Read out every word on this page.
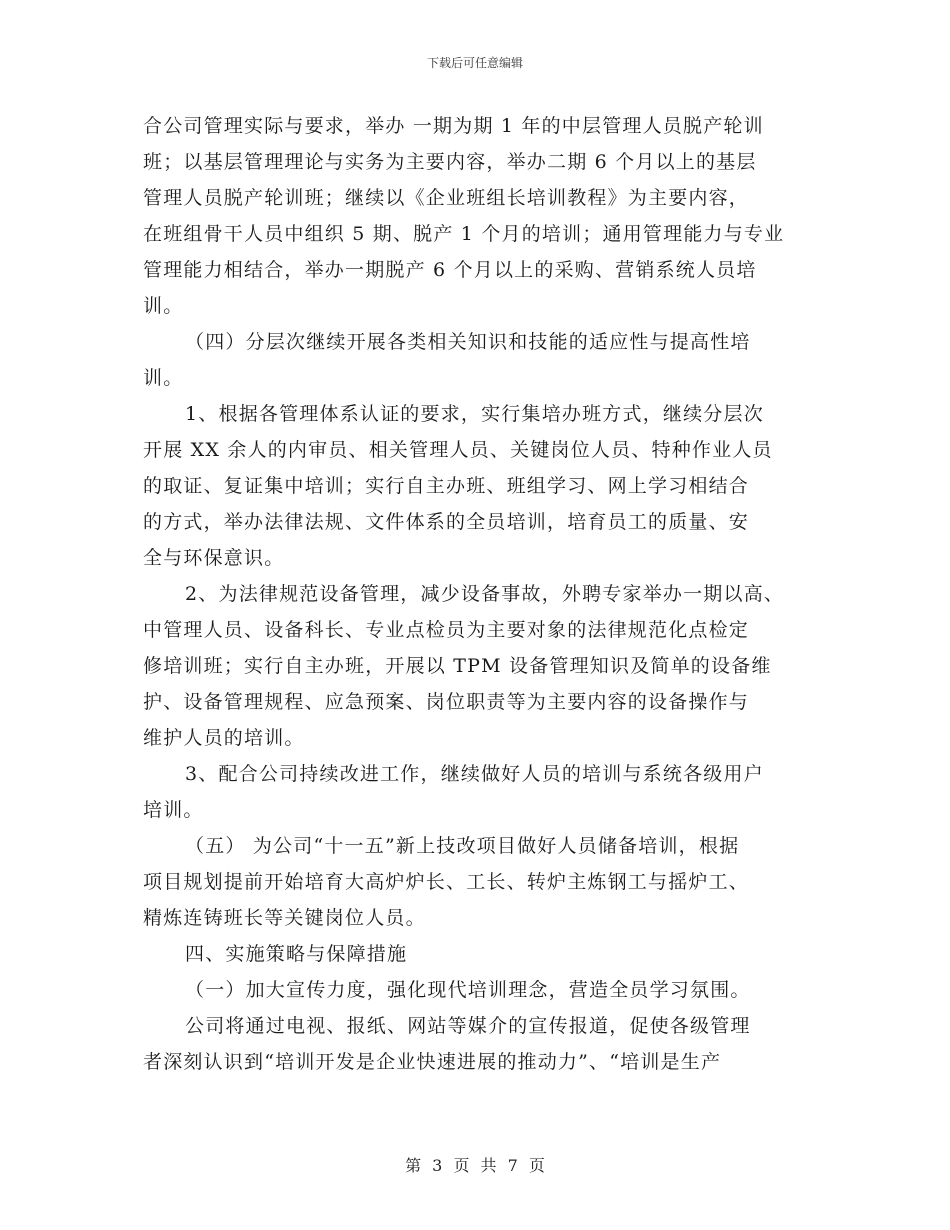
下载后可任意编辑
合公司管理实际与要求，举办 一期为期 1 年的中层管理人员脱产轮训
班；以基层管理理论与实务为主要内容，举办二期 6 个月以上的基层
管理人员脱产轮训班；继续以《企业班组长培训教程》为主要内容，
在班组骨干人员中组织 5 期、脱产 1 个月的培训；通用管理能力与专业
管理能力相结合，举办一期脱产 6 个月以上的采购、营销系统人员培
训。
（四）分层次继续开展各类相关知识和技能的适应性与提高性培
训。
1、根据各管理体系认证的要求，实行集培办班方式，继续分层次
开展 XX 余人的内审员、相关管理人员、关键岗位人员、特种作业人员
的取证、复证集中培训；实行自主办班、班组学习、网上学习相结合
的方式，举办法律法规、文件体系的全员培训，培育员工的质量、安
全与环保意识。
2、为法律规范设备管理，减少设备事故，外聘专家举办一期以高、
中管理人员、设备科长、专业点检员为主要对象的法律规范化点检定
修培训班；实行自主办班，开展以 TPM 设备管理知识及简单的设备维
护、设备管理规程、应急预案、岗位职责等为主要内容的设备操作与
维护人员的培训。
3、配合公司持续改进工作，继续做好人员的培训与系统各级用户
培训。
（五） 为公司“十一五”新上技改项目做好人员储备培训，根据
项目规划提前开始培育大高炉炉长、工长、转炉主炼钢工与摇炉工、
精炼连铸班长等关键岗位人员。
四、实施策略与保障措施
（一）加大宣传力度，强化现代培训理念，营造全员学习氛围。
公司将通过电视、报纸、网站等媒介的宣传报道，促使各级管理
者深刻认识到“培训开发是企业快速进展的推动力”、“培训是生产
第 3 页 共 7 页
